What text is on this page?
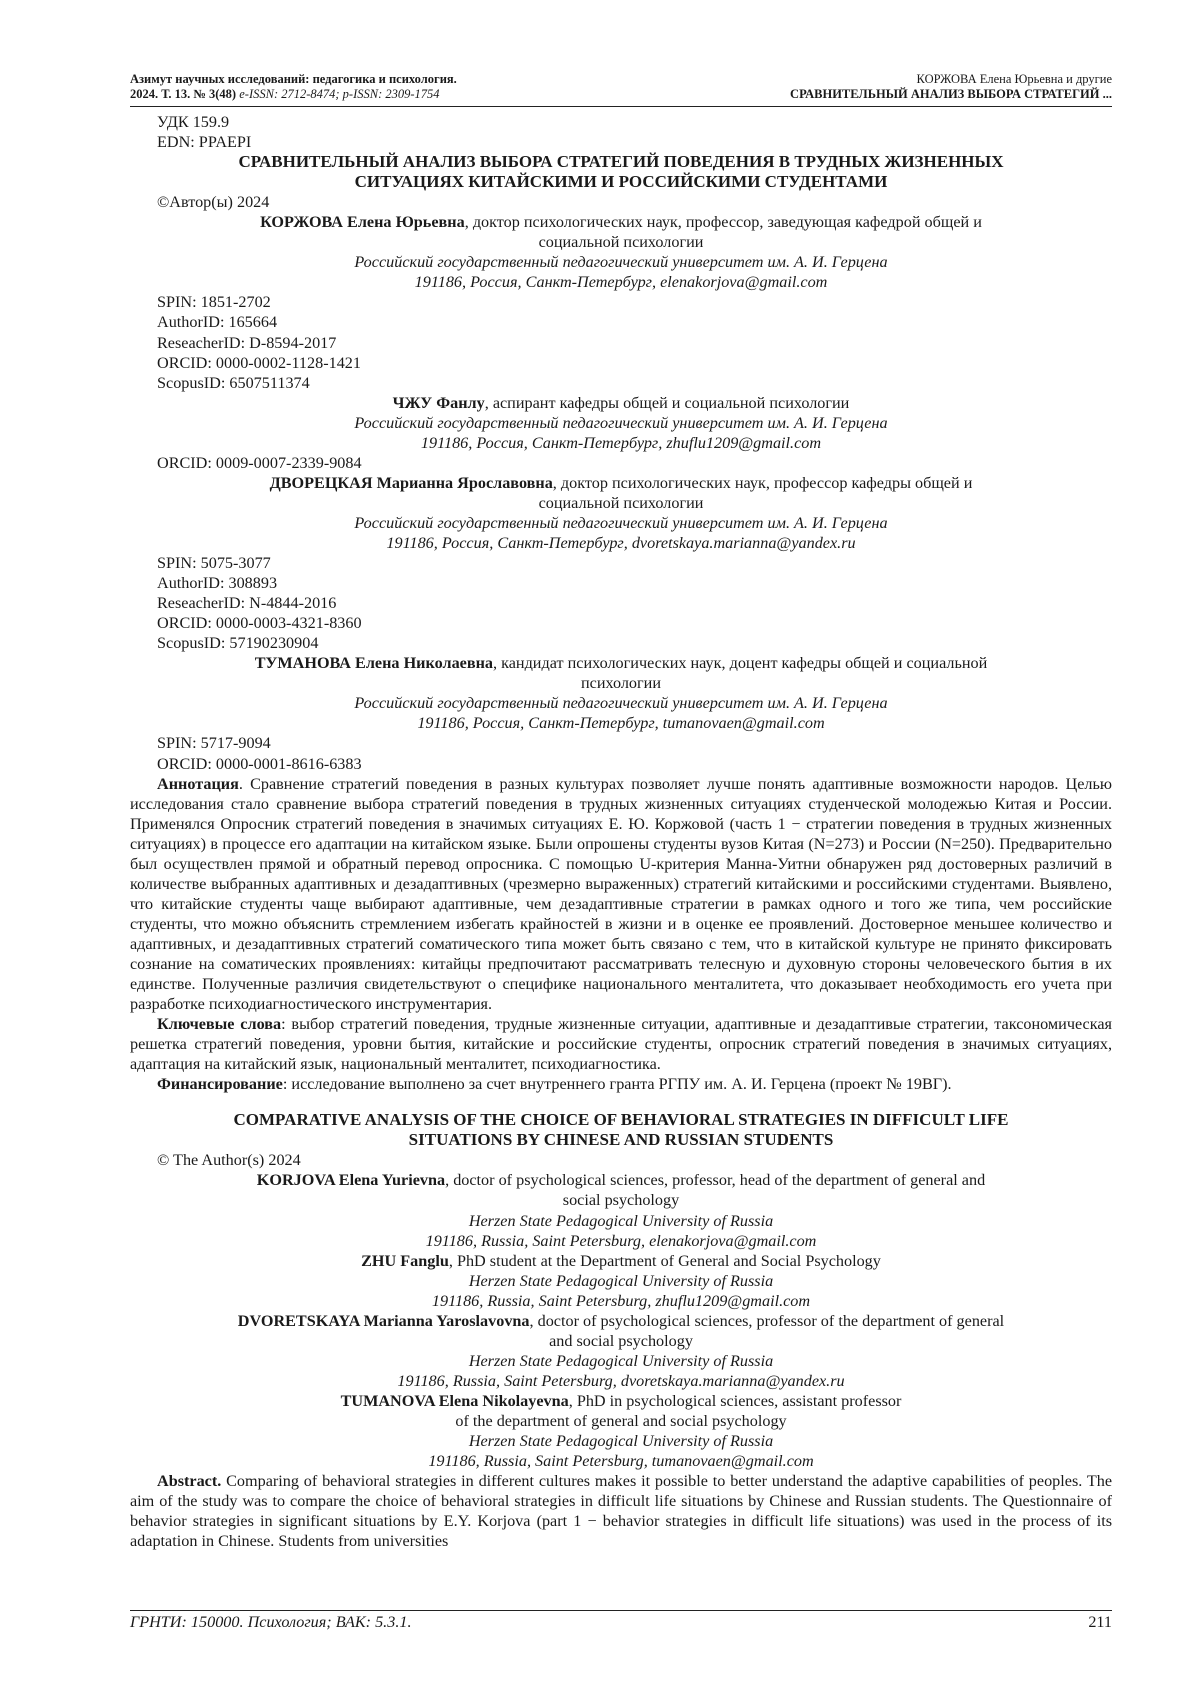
Азимут научных исследований: педагогика и психология.
2024. Т. 13. № 3(48) e-ISSN: 2712-8474; p-ISSN: 2309-1754
КОРЖОВА Елена Юрьевна и другие
СРАВНИТЕЛЬНЫЙ АНАЛИЗ ВЫБОРА СТРАТЕГИЙ ...
УДК 159.9
EDN: PPAEPI
СРАВНИТЕЛЬНЫЙ АНАЛИЗ ВЫБОРА СТРАТЕГИЙ ПОВЕДЕНИЯ В ТРУДНЫХ ЖИЗНЕННЫХ
СИТУАЦИЯХ КИТАЙСКИМИ И РОССИЙСКИМИ СТУДЕНТАМИ
©Автор(ы) 2024
КОРЖОВА Елена Юрьевна, доктор психологических наук, профессор, заведующая кафедрой общей и
социальной психологии
Российский государственный педагогический университет им. А. И. Герцена
191186, Россия, Санкт-Петербург, elenakorjova@gmail.com
SPIN: 1851-2702
AuthorID: 165664
ReseacherID: D-8594-2017
ORCID: 0000-0002-1128-1421
ScopusID: 6507511374
ЧЖУ Фанлу, аспирант кафедры общей и социальной психологии
Российский государственный педагогический университет им. А. И. Герцена
191186, Россия, Санкт-Петербург, zhuflu1209@gmail.com
ORCID: 0009-0007-2339-9084
ДВОРЕЦКАЯ Марианна Ярославовна, доктор психологических наук, профессор кафедры общей и
социальной психологии
Российский государственный педагогический университет им. А. И. Герцена
191186, Россия, Санкт-Петербург, dvoretskaya.marianna@yandex.ru
SPIN: 5075-3077
AuthorID: 308893
ReseacherID: N-4844-2016
ORCID: 0000-0003-4321-8360
ScopusID: 57190230904
ТУМАНОВА Елена Николаевна, кандидат психологических наук, доцент кафедры общей и социальной
психологии
Российский государственный педагогический университет им. А. И. Герцена
191186, Россия, Санкт-Петербург, tumanovaen@gmail.com
SPIN: 5717-9094
ORCID: 0000-0001-8616-6383
Аннотация. Сравнение стратегий поведения в разных культурах позволяет лучше понять адаптивные возможности народов. Целью исследования стало сравнение выбора стратегий поведения в трудных жизненных ситуациях студенческой молодежью Китая и России. Применялся Опросник стратегий поведения в значимых ситуациях Е. Ю. Коржовой (часть 1 − стратегии поведения в трудных жизненных ситуациях) в процессе его адаптации на китайском языке. Были опрошены студенты вузов Китая (N=273) и России (N=250). Предварительно был осуществлен прямой и обратный перевод опросника. С помощью U-критерия Манна-Уитни обнаружен ряд достоверных различий в количестве выбранных адаптивных и дезадаптивных (чрезмерно выраженных) стратегий китайскими и российскими студентами. Выявлено, что китайские студенты чаще выбирают адаптивные, чем дезадаптивные стратегии в рамках одного и того же типа, чем российские студенты, что можно объяснить стремлением избегать крайностей в жизни и в оценке ее проявлений. Достоверное меньшее количество и адаптивных, и дезадаптивных стратегий соматического типа может быть связано с тем, что в китайской культуре не принято фиксировать сознание на соматических проявлениях: китайцы предпочитают рассматривать телесную и духовную стороны человеческого бытия в их единстве. Полученные различия свидетельствуют о специфике национального менталитета, что доказывает необходимость его учета при разработке психодиагностического инструментария.
Ключевые слова: выбор стратегий поведения, трудные жизненные ситуации, адаптивные и дезадаптивые стратегии, таксономическая решетка стратегий поведения, уровни бытия, китайские и российские студенты, опросник стратегий поведения в значимых ситуациях, адаптация на китайский язык, национальный менталитет, психодиагностика.
Финансирование: исследование выполнено за счет внутреннего гранта РГПУ им. А. И. Герцена (проект № 19ВГ).
COMPARATIVE ANALYSIS OF THE CHOICE OF BEHAVIORAL STRATEGIES IN DIFFICULT LIFE
SITUATIONS BY CHINESE AND RUSSIAN STUDENTS
© The Author(s) 2024
KORJOVA Elena Yurievna, doctor of psychological sciences, professor, head of the department of general and
social psychology
Herzen State Pedagogical University of Russia
191186, Russia, Saint Petersburg, elenakorjova@gmail.com
ZHU Fanglu, PhD student at the Department of General and Social Psychology
Herzen State Pedagogical University of Russia
191186, Russia, Saint Petersburg, zhuflu1209@gmail.com
DVORETSKAYA Marianna Yaroslavovna, doctor of psychological sciences, professor of the department of general
and social psychology
Herzen State Pedagogical University of Russia
191186, Russia, Saint Petersburg, dvoretskaya.marianna@yandex.ru
TUMANOVA Elena Nikolayevna, PhD in psychological sciences, assistant professor
of the department of general and social psychology
Herzen State Pedagogical University of Russia
191186, Russia, Saint Petersburg, tumanovaen@gmail.com
Abstract. Comparing of behavioral strategies in different cultures makes it possible to better understand the adaptive capabilities of peoples. The aim of the study was to compare the choice of behavioral strategies in difficult life situations by Chinese and Russian students. The Questionnaire of behavior strategies in significant situations by E.Y. Korjova (part 1 − behavior strategies in difficult life situations) was used in the process of its adaptation in Chinese. Students from universities
ГРНТИ: 150000. Психология; ВАК: 5.3.1.	211
